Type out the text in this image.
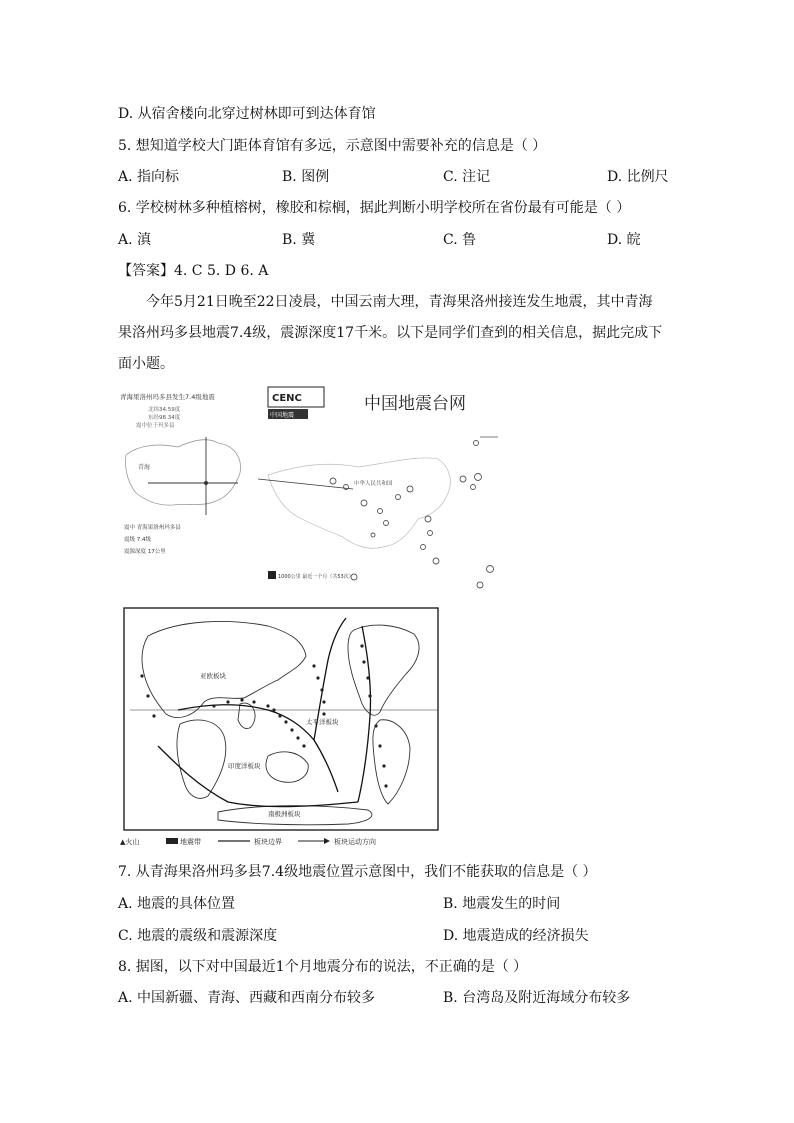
D. 从宿舍楼向北穿过树林即可到达体育馆
5. 想知道学校大门距体育馆有多远，示意图中需要补充的信息是（ ）
A. 指向标	B. 图例	C. 注记	D. 比例尺
6. 学校树林多种植榕树，橡胶和棕榈，据此判断小明学校所在省份最有可能是（ ）
A. 滇	B. 冀	C. 鲁	D. 皖
【答案】4. C 5. D 6. A
今年5月21日晚至22日凌晨，中国云南大理，青海果洛州接连发生地震，其中青海
果洛州玛多县地震7.4级，震源深度17千米。以下是同学们查到的相关信息，据此完成下
面小题。
青海果洛州玛多县发生7.4级地震
北纬34.59度
东经98.34度
震中位于玛多县
青海
震中 青海果洛州玛多县
震级 7.4级
震源深度 17公里
CENC
中国地震
中国地震台网
中华人民共和国
1000公里 最近一个月（共53次）
亚欧板块
太平洋板块
印度洋板块
南极洲板块
▲火山	地震带	板块边界	板块运动方向
7. 从青海果洛州玛多县7.4级地震位置示意图中，我们不能获取的信息是（ ）
A. 地震的具体位置	B. 地震发生的时间
C. 地震的震级和震源深度	D. 地震造成的经济损失
8. 据图，以下对中国最近1个月地震分布的说法，不正确的是（ ）
A. 中国新疆、青海、西藏和西南分布较多	B. 台湾岛及附近海域分布较多
